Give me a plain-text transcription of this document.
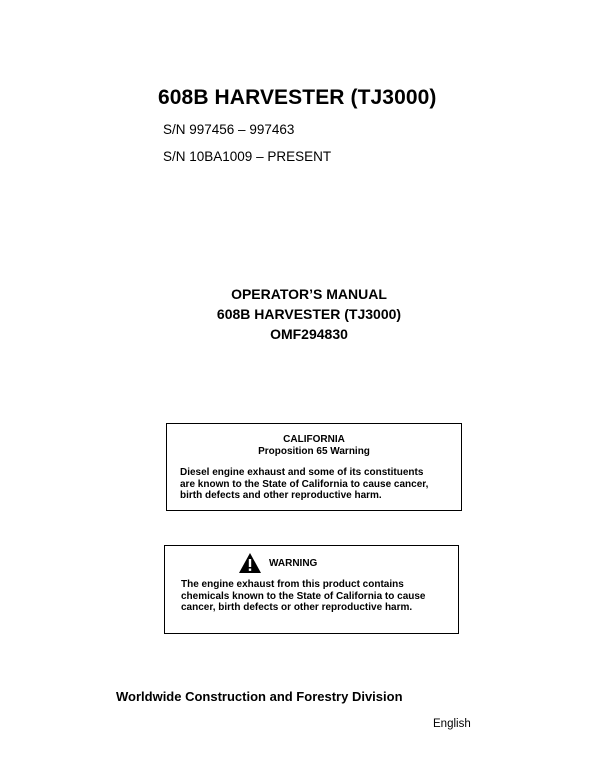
608B HARVESTER (TJ3000)
S/N 997456 – 997463
S/N 10BA1009 – PRESENT
OPERATOR’S MANUAL
608B HARVESTER (TJ3000)
OMF294830
CALIFORNIA
Proposition 65 Warning
Diesel engine exhaust and some of its constituents
are known to the State of California to cause cancer,
birth defects and other reproductive harm.
WARNING
The engine exhaust from this product contains
chemicals known to the State of California to cause
cancer, birth defects or other reproductive harm.
Worldwide Construction and Forestry Division
English
